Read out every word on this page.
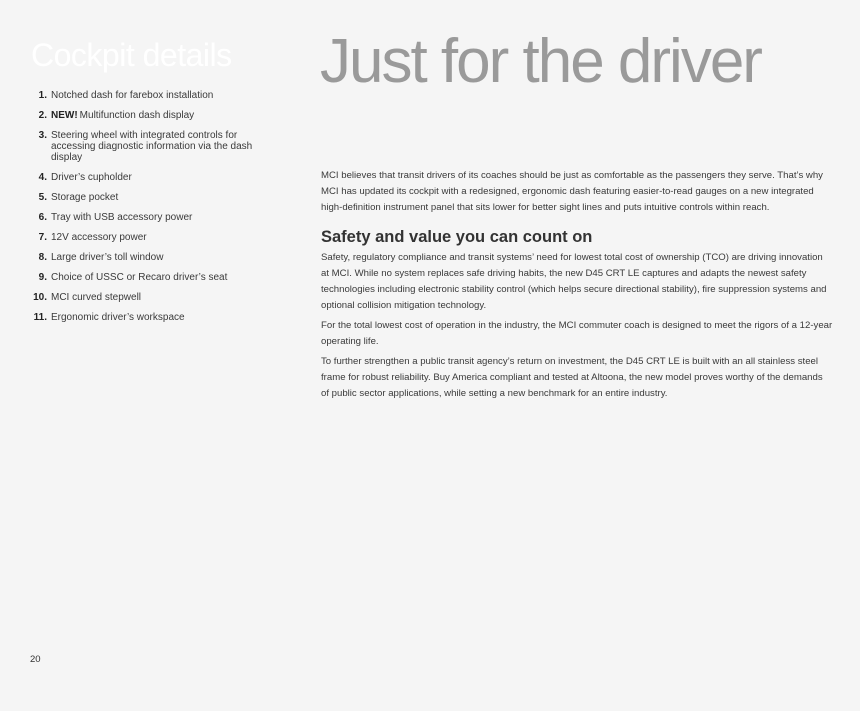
Cockpit details
1. Notched dash for farebox installation
2. NEW! Multifunction dash display
3. Steering wheel with integrated controls for accessing diagnostic information via the dash display
4. Driver’s cupholder
5. Storage pocket
6. Tray with USB accessory power
7. 12V accessory power
8. Large driver’s toll window
9. Choice of USSC or Recaro driver’s seat
10. MCI curved stepwell
11. Ergonomic driver’s workspace
Just for the driver

MCI believes that transit drivers of its coaches should be just as comfortable as the passengers they serve. That’s why MCI has updated its cockpit with a redesigned, ergonomic dash featuring easier-to-read gauges on a new integrated high-definition instrument panel that sits lower for better sight lines and puts intuitive controls within reach.

Safety and value you can count on

Safety, regulatory compliance and transit systems’ need for lowest total cost of ownership (TCO) are driving innovation at MCI. While no system replaces safe driving habits, the new D45 CRT LE captures and adapts the newest safety technologies including electronic stability control (which helps secure directional stability), fire suppression systems and optional collision mitigation technology.

For the total lowest cost of operation in the industry, the MCI commuter coach is designed to meet the rigors of a 12-year operating life.

To further strengthen a public transit agency’s return on investment, the D45 CRT LE is built with an all stainless steel frame for robust reliability. Buy America compliant and tested at Altoona, the new model proves worthy of the demands of public sector applications, while setting a new benchmark for an entire industry.

20
